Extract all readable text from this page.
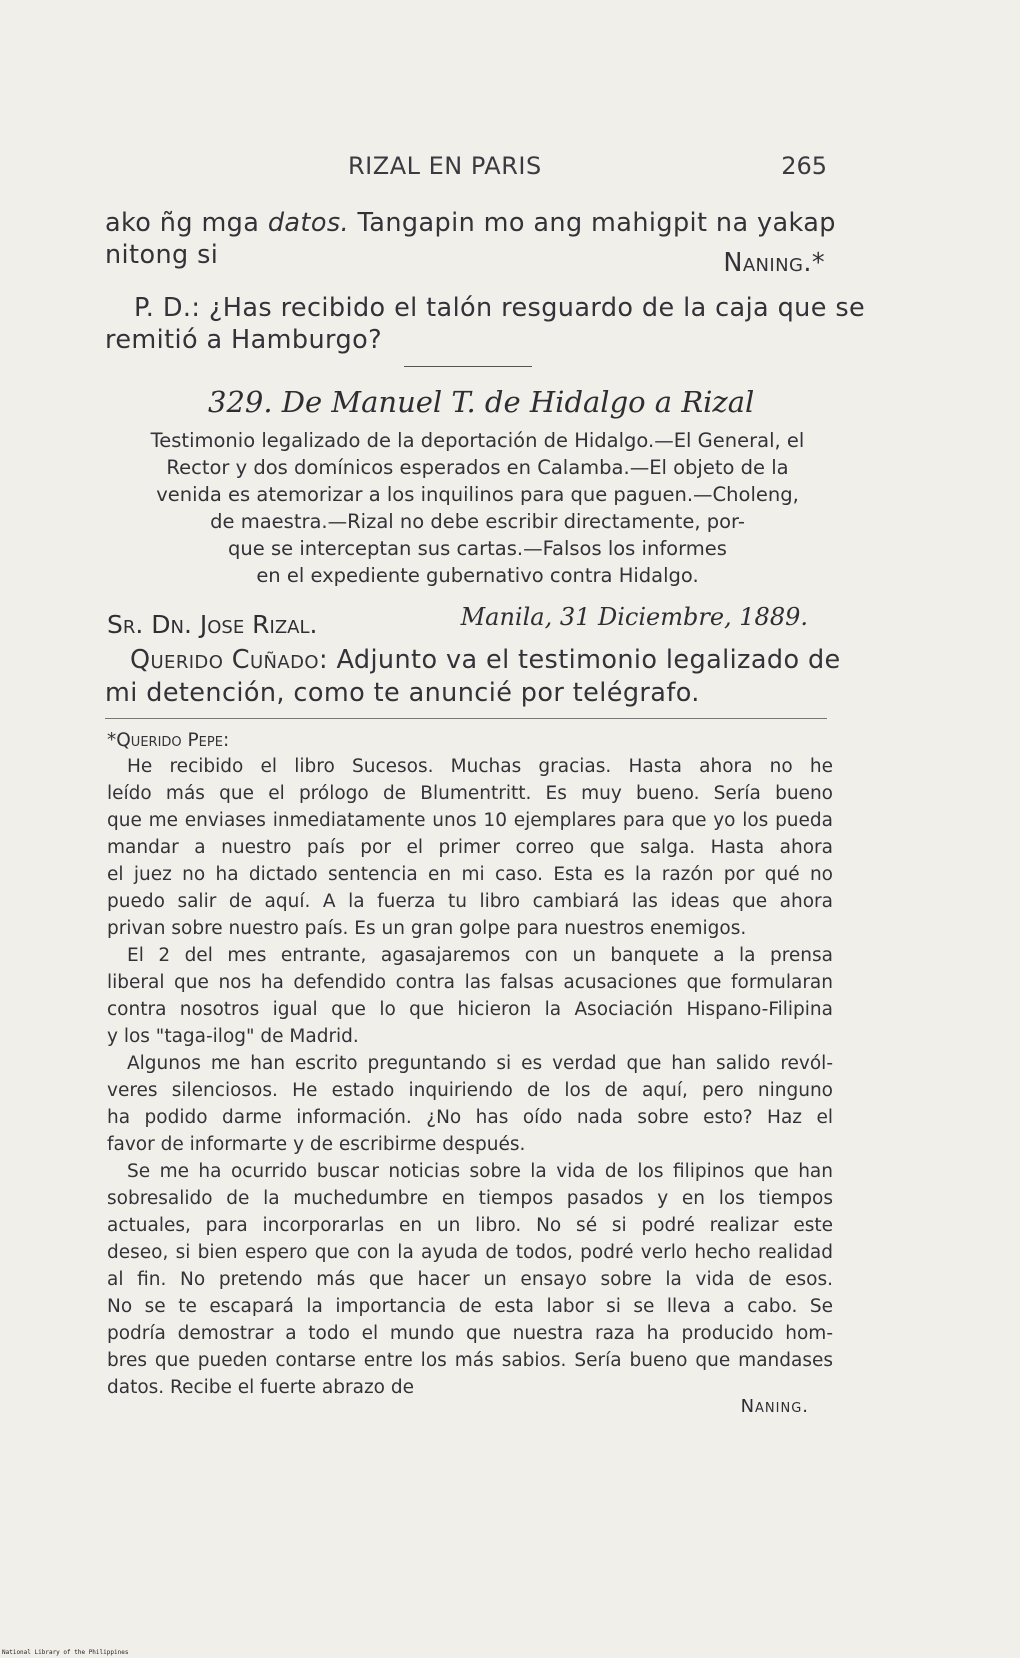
RIZAL EN PARIS	265
ako ñg mga datos. Tangapin mo ang mahigpit na yakap
nitong si	Naning.*
P. D.: ¿Has recibido el talón resguardo de la caja que se
remitió a Hamburgo?
329. De Manuel T. de Hidalgo a Rizal
Testimonio legalizado de la deportación de Hidalgo.—El General, el
Rector y dos domínicos esperados en Calamba.—El objeto de la
venida es atemorizar a los inquilinos para que paguen.—Choleng,
de maestra.—Rizal no debe escribir directamente, por-
que se interceptan sus cartas.—Falsos los informes
en el expediente gubernativo contra Hidalgo.
Sr. Dn. Jose Rizal.	Manila, 31 Diciembre, 1889.
Querido Cuñado: Adjunto va el testimonio legalizado de
mi detención, como te anuncié por telégrafo.
*Querido Pepe:
He recibido el libro Sucesos. Muchas gracias. Hasta ahora no he
leído más que el prólogo de Blumentritt. Es muy bueno. Sería bueno
que me enviases inmediatamente unos 10 ejemplares para que yo los pueda
mandar a nuestro país por el primer correo que salga. Hasta ahora
el juez no ha dictado sentencia en mi caso. Esta es la razón por qué no
puedo salir de aquí. A la fuerza tu libro cambiará las ideas que ahora
privan sobre nuestro país. Es un gran golpe para nuestros enemigos.
El 2 del mes entrante, agasajaremos con un banquete a la prensa
liberal que nos ha defendido contra las falsas acusaciones que formularan
contra nosotros igual que lo que hicieron la Asociación Hispano-Filipina
y los "taga-ilog" de Madrid.
Algunos me han escrito preguntando si es verdad que han salido revól-
veres silenciosos. He estado inquiriendo de los de aquí, pero ninguno
ha podido darme información. ¿No has oído nada sobre esto? Haz el
favor de informarte y de escribirme después.
Se me ha ocurrido buscar noticias sobre la vida de los filipinos que han
sobresalido de la muchedumbre en tiempos pasados y en los tiempos
actuales, para incorporarlas en un libro. No sé si podré realizar este
deseo, si bien espero que con la ayuda de todos, podré verlo hecho realidad
al fin. No pretendo más que hacer un ensayo sobre la vida de esos.
No se te escapará la importancia de esta labor si se lleva a cabo. Se
podría demostrar a todo el mundo que nuestra raza ha producido hom-
bres que pueden contarse entre los más sabios. Sería bueno que mandases
datos. Recibe el fuerte abrazo de
Naning.
National Library of the Philippines
